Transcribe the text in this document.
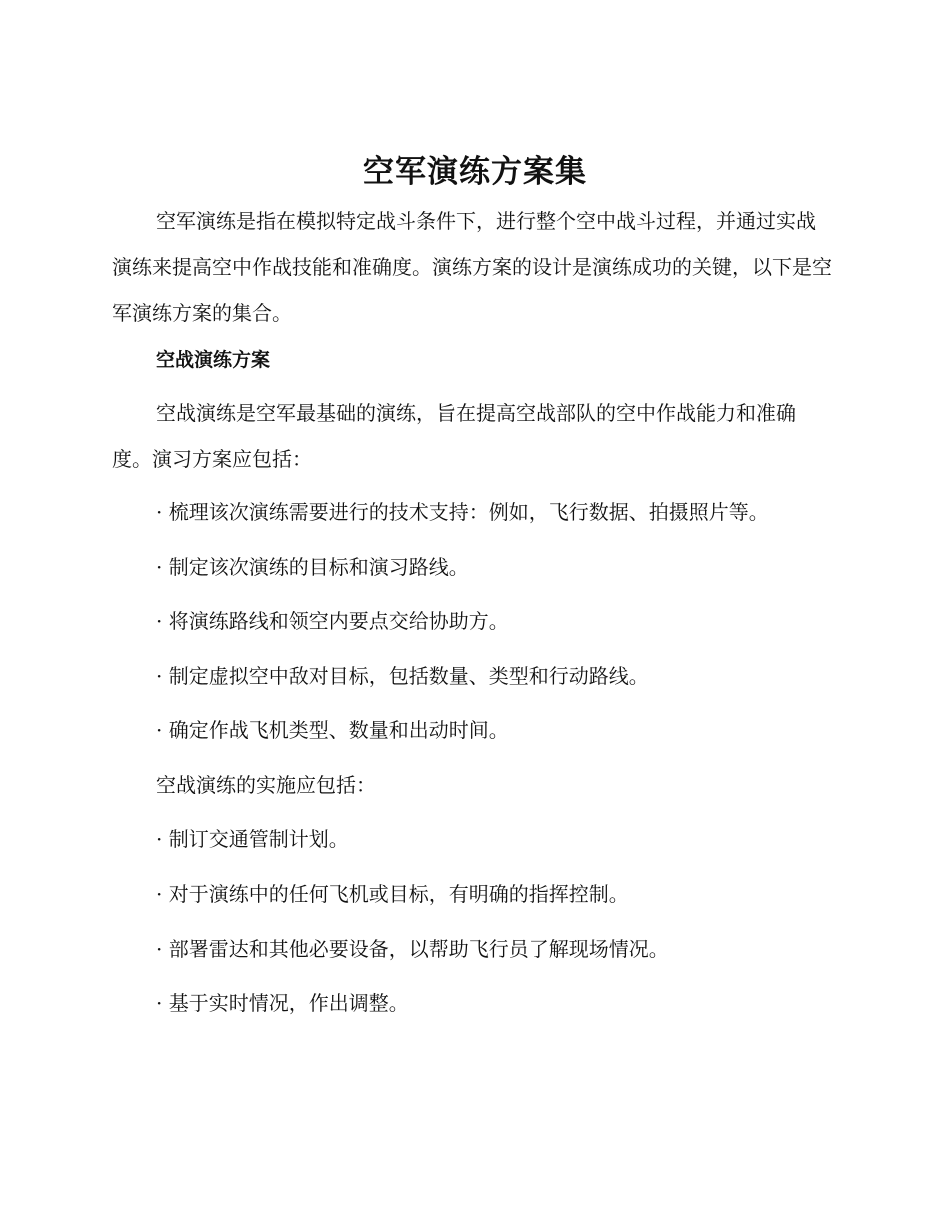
空军演练方案集

空军演练是指在模拟特定战斗条件下，进行整个空中战斗过程，并通过实战演练来提高空中作战技能和准确度。演练方案的设计是演练成功的关键，以下是空军演练方案的集合。

空战演练方案

空战演练是空军最基础的演练，旨在提高空战部队的空中作战能力和准确度。演习方案应包括：

· 梳理该次演练需要进行的技术支持：例如，飞行数据、拍摄照片等。
· 制定该次演练的目标和演习路线。
· 将演练路线和领空内要点交给协助方。
· 制定虚拟空中敌对目标，包括数量、类型和行动路线。
· 确定作战飞机类型、数量和出动时间。
空战演练的实施应包括：
· 制订交通管制计划。
· 对于演练中的任何飞机或目标，有明确的指挥控制。
· 部署雷达和其他必要设备，以帮助飞行员了解现场情况。
· 基于实时情况，作出调整。
